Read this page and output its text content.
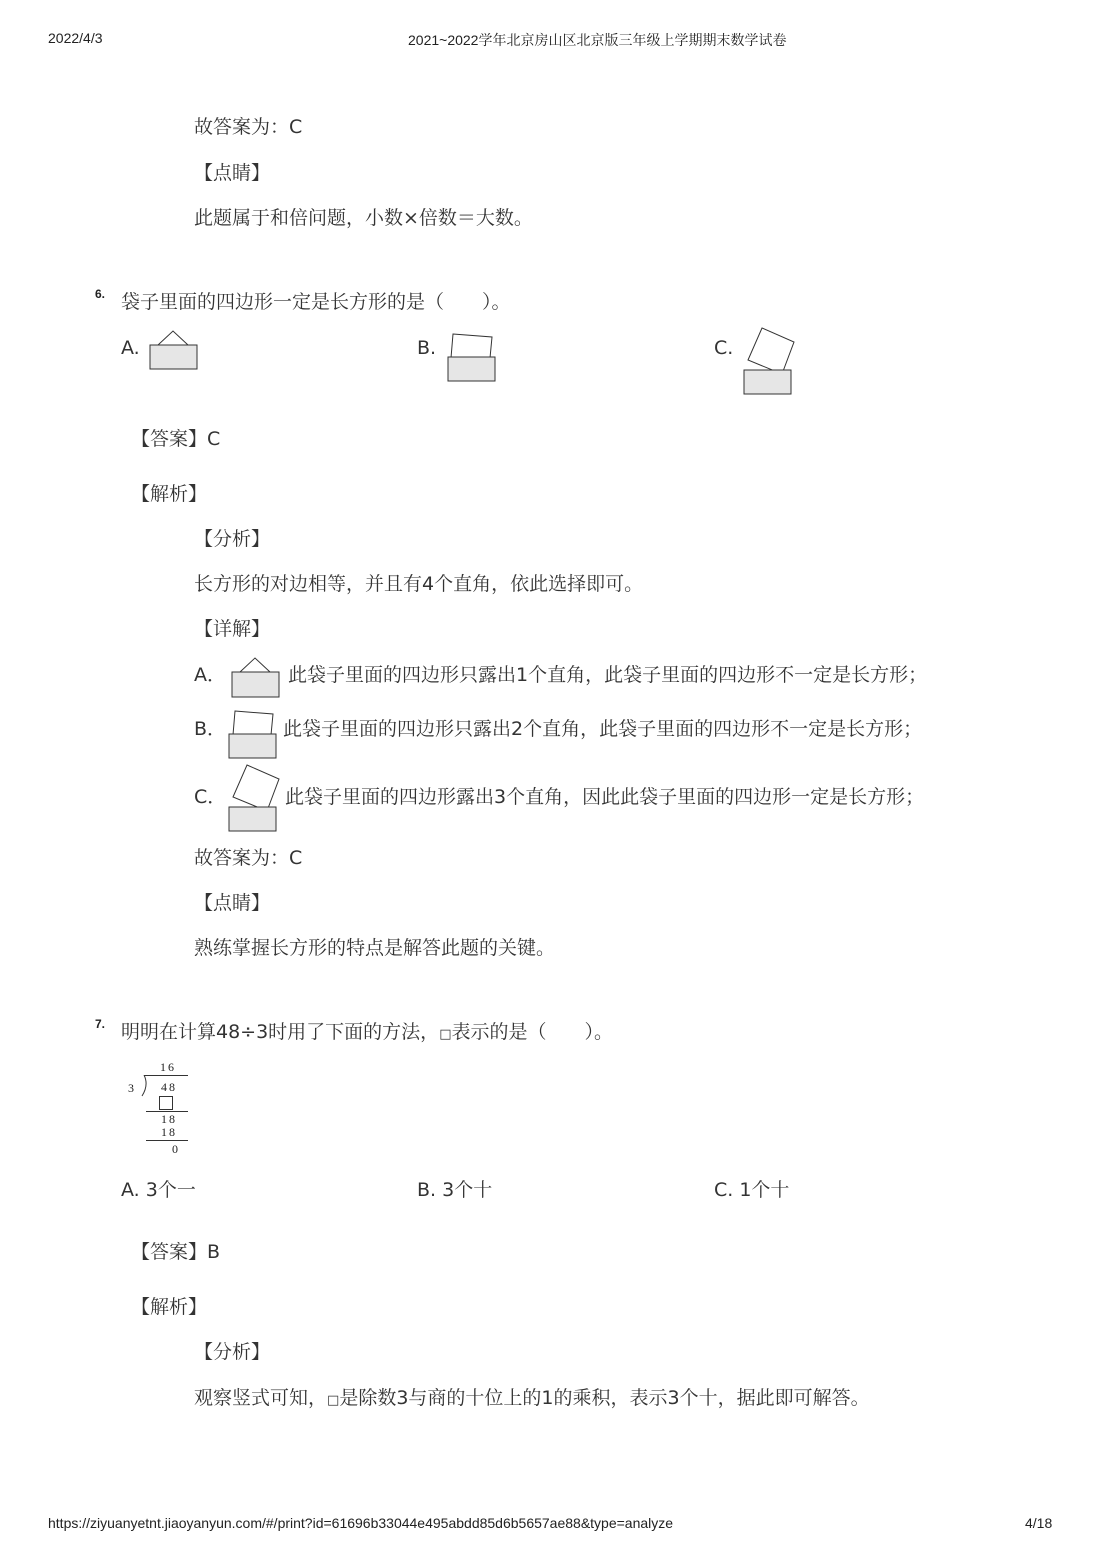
2022/4/3	2021~2022学年北京房山区北京版三年级上学期期末数学试卷
故答案为：C
【点睛】
此题属于和倍问题，小数×倍数＝大数。
6. 袋子里面的四边形一定是长方形的是（　　）。
A.	B.	C.
【答案】C
【解析】
【分析】
长方形的对边相等，并且有4个直角，依此选择即可。
【详解】
A．	此袋子里面的四边形只露出1个直角，此袋子里面的四边形不一定是长方形；
B．	此袋子里面的四边形只露出2个直角，此袋子里面的四边形不一定是长方形；
C．	此袋子里面的四边形露出3个直角，因此此袋子里面的四边形一定是长方形；
故答案为：C
【点睛】
熟练掌握长方形的特点是解答此题的关键。
7. 明明在计算48÷3时用了下面的方法，□表示的是（　　）。
16
3 48
18
18
0
A. 3个一	B. 3个十	C. 1个十
【答案】B
【解析】
【分析】
观察竖式可知，□是除数3与商的十位上的1的乘积，表示3个十，据此即可解答。
https://ziyuanyetnt.jiaoyanyun.com/#/print?id=61696b33044e495abdd85d6b5657ae88&type=analyze	4/18
